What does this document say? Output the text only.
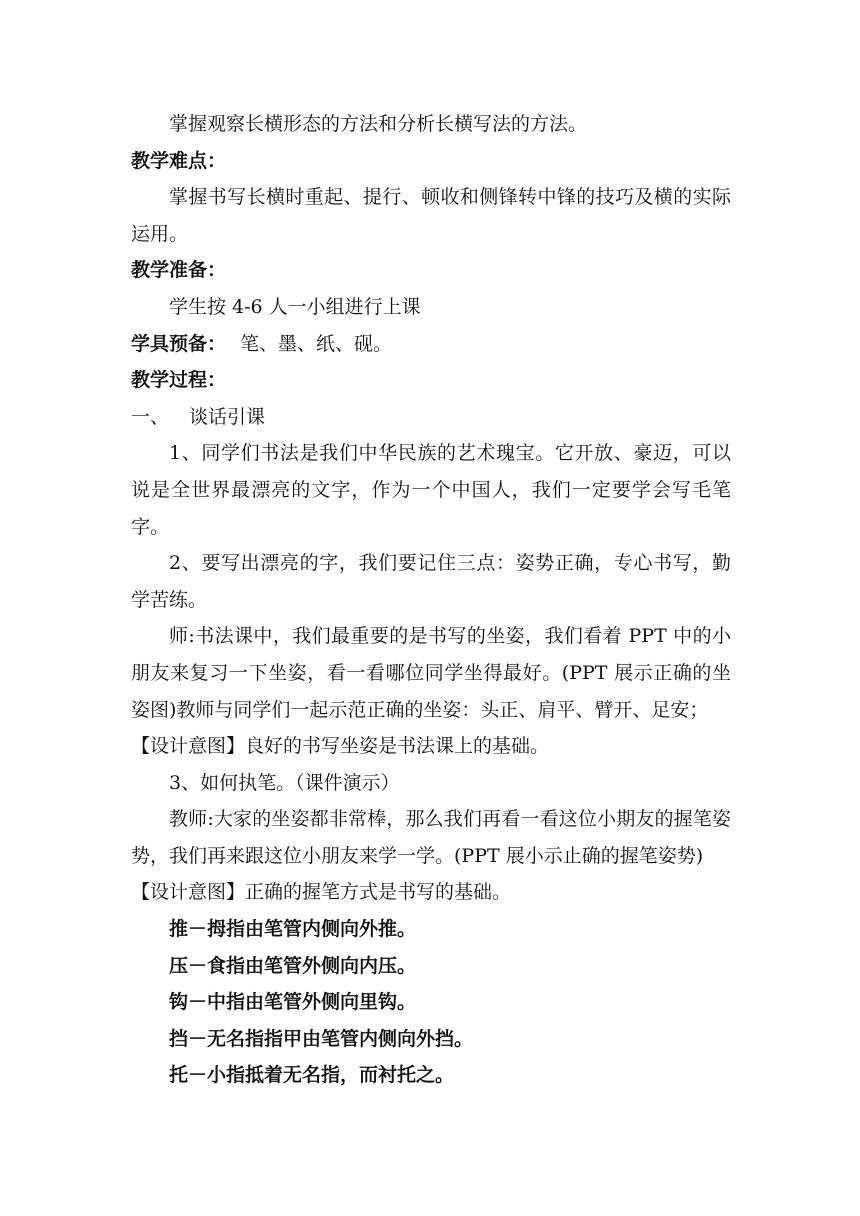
掌握观察长横形态的方法和分析长横写法的方法。

教学难点：

掌握书写长横时重起、提行、顿收和侧锋转中锋的技巧及横的实际运用。

教学准备：

学生按 4-6 人一小组进行上课

学具预备： 笔、墨、纸、砚。

教学过程：

一、 谈话引课

1、同学们书法是我们中华民族的艺术瑰宝。它开放、豪迈，可以说是全世界最漂亮的文字，作为一个中国人，我们一定要学会写毛笔字。

2、要写出漂亮的字，我们要记住三点：姿势正确，专心书写，勤学苦练。

师:书法课中，我们最重要的是书写的坐姿，我们看着 PPT 中的小朋友来复习一下坐姿，看一看哪位同学坐得最好。(PPT 展示正确的坐姿图)教师与同学们一起示范正确的坐姿：头正、肩平、臂开、足安；

【设计意图】良好的书写坐姿是书法课上的基础。

3、如何执笔。（课件演示）

教师:大家的坐姿都非常棒，那么我们再看一看这位小期友的握笔姿势，我们再来跟这位小朋友来学一学。(PPT 展小示止确的握笔姿势)

【设计意图】正确的握笔方式是书写的基础。

推－拇指由笔管内侧向外推。

压－食指由笔管外侧向内压。

钩－中指由笔管外侧向里钩。

挡－无名指指甲由笔管内侧向外挡。

托－小指抵着无名指，而衬托之。
